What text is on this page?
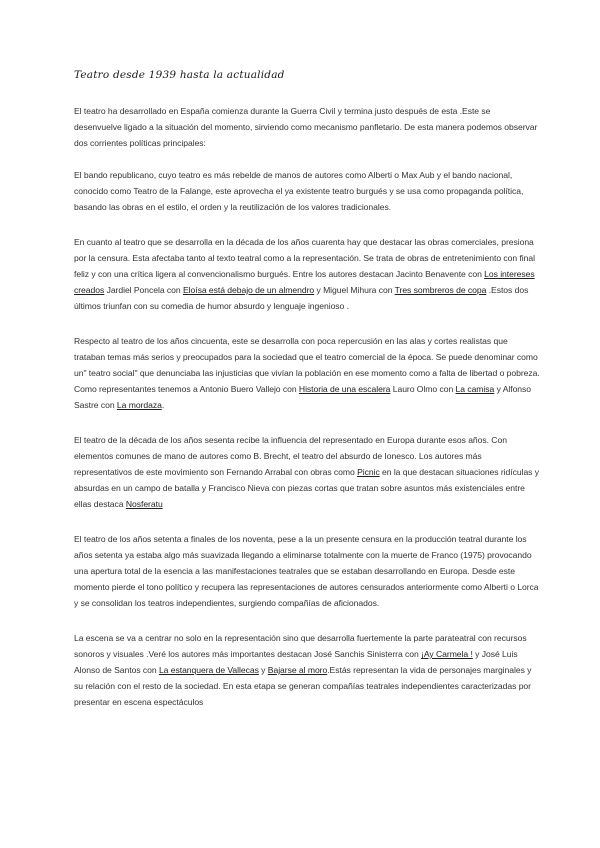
Teatro desde 1939 hasta la actualidad

El teatro ha desarrollado en España comienza durante la Guerra Civil y termina justo después de esta .Este se desenvuelve ligado a la situación del momento, sirviendo como mecanismo panfletario. De esta manera podemos observar dos corrientes políticas principales:

El bando republicano, cuyo teatro es más rebelde de manos de autores como Alberti o Max Aub y el bando nacional, conocido como Teatro de la Falange, este aprovecha el ya existente teatro burgués y se usa como propaganda política, basando las obras en el estilo, el orden y la reutilización de los valores tradicionales.

En cuanto al teatro que se desarrolla en la década de los años cuarenta hay que destacar las obras comerciales, presiona por la censura. Esta afectaba tanto al texto teatral como a la representación. Se trata de obras de entretenimiento con final feliz y con una crítica ligera al convencionalismo burgués. Entre los autores destacan Jacinto Benavente con Los intereses creados Jardiel Poncela con Eloísa está debajo de un almendro y Miguel Mihura con Tres sombreros de copa .Estos dos últimos triunfan con su comedia de humor absurdo y lenguaje ingenioso .

Respecto al teatro de los años cincuenta, este se desarrolla con poca repercusión en las alas y cortes realistas que trataban temas más serios y preocupados para la sociedad que el teatro comercial de la época. Se puede denominar como un" teatro social" que denunciaba las injusticias que vivían la población en ese momento como a falta de libertad o pobreza. Como representantes tenemos a Antonio Buero Vallejo con Historia de una escalera Lauro Olmo con La camisa y Alfonso Sastre con La mordaza.

El teatro de la década de los años sesenta recibe la influencia del representado en Europa durante esos años. Con elementos comunes de mano de autores como B. Brecht, el teatro del absurdo de Ionesco. Los autores más representativos de este movimiento son Fernando Arrabal con obras como Picnic en la que destacan situaciones ridículas y absurdas en un campo de batalla y Francisco Nieva con piezas cortas que tratan sobre asuntos más existenciales entre ellas destaca Nosferatu

El teatro de los años setenta a finales de los noventa, pese a la un presente censura en la producción teatral durante los años setenta ya estaba algo más suavizada llegando a eliminarse totalmente con la muerte de Franco (1975) provocando una apertura total de la esencia a las manifestaciones teatrales que se estaban desarrollando en Europa. Desde este momento pierde el tono político y recupera las representaciones de autores censurados anteriormente como Alberti o Lorca y se consolidan los teatros independientes, surgiendo compañías de aficionados.

La escena se va a centrar no solo en la representación sino que desarrolla fuertemente la parte parateatral con recursos sonoros y visuales .Veré los autores más importantes destacan José Sanchis Sinisterra con ¡Ay Carmela ! y José Luis Alonso de Santos con La estanquera de Vallecas y Bajarse al moro.Estás representan la vida de personajes marginales y su relación con el resto de la sociedad. En esta etapa se generan compañías teatrales independientes caracterizadas por presentar en escena espectáculos
